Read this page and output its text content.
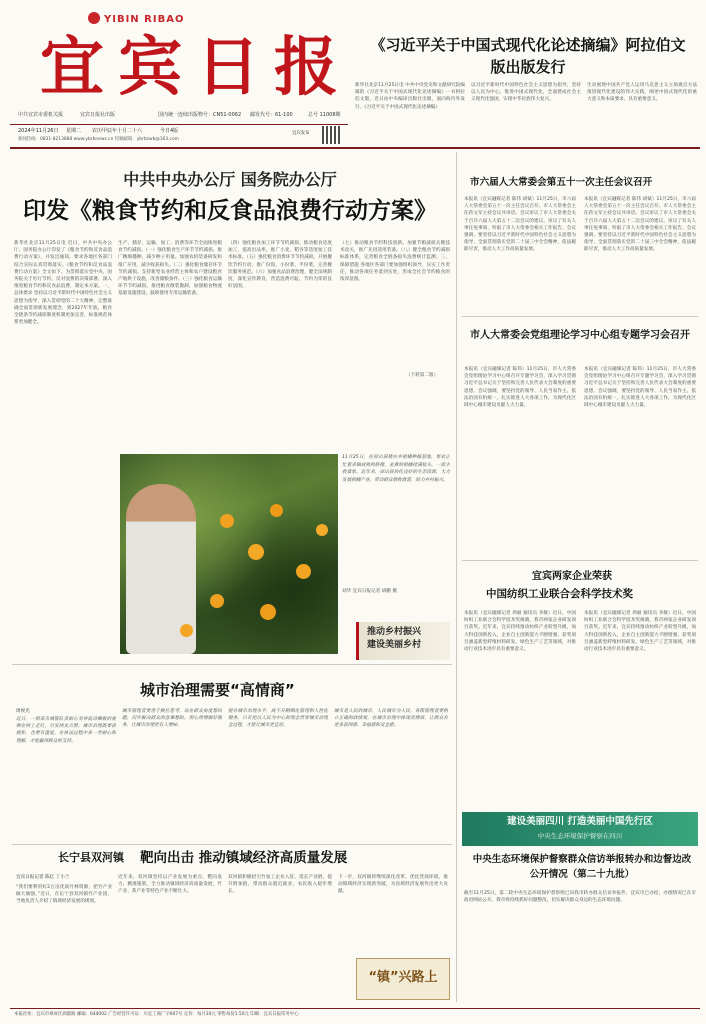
YIBIN RIBAO
宜宾日报
中共宜宾市委机关报	宜宾日报社出版	国内统一连续出版物号：CN51-0062 邮发代号：61-100	总号 11008期
2024年11月26日 星期二 农历甲辰年十月二十六	今日4版
新闻热线：0831-8213888 www.ybrbnews.cn 投稿邮箱：ybrbzwb@163.com
宜宾发布
《习近平关于中国式现代化论述摘编》阿拉伯文版出版发行
新华社北京11月25日电 中共中央党史和文献研究院编辑的《习近平关于中国式现代化论述摘编》一书阿拉伯文版，近日由中央编译出版社出版，面向海内外发行。《习近平关于中国式现代化论述摘编》
以习近平新时代中国特色社会主义思想为指导，坚持以人民为中心，推进中国式现代化，全面建成社会主义现代化强国，实现中华民族伟大复兴。
生动展现中国共产党人运用马克思主义立场观点方法推进现代化建设的伟大实践，阐述中国式现代化的重大意义和本质要求，具有重要意义。
中共中央办公厅 国务院办公厅
印发《粮食节约和反食品浪费行动方案》
新华社北京11月25日电 近日，中共中央办公厅、国务院办公厅印发了《粮食节约和反食品浪费行动方案》，并发出通知，要求各地区各部门结合实际认真贯彻落实。《粮食节约和反食品浪费行动方案》全文如下。为贯彻落实党中央、国务院关于厉行节约、反对浪费的决策部署，深入推进粮食节约和反食品浪费，制定本方案。一、总体要求 坚持以习近平新时代中国特色社会主义思想为指导，深入贯彻党的二十大精神，完整准确全面贯彻新发展理念，到2027年年底，粮食全链条节约减损制度机制更加完善，标准规范体系更加健全。
生产、储存、运输、加工、消费等环节全面推进粮食节约减损。（一）强化粮食生产环节节约减损。推广精细播种，减少种子用量。加强农机装备研发和推广应用，减少收获损失。（二）强化粮食储存环节节约减损。支持新型农业经营主体和农户建设粮食产地烘干设施，改善储粮条件。（三）强化粮食运输环节节约减损。推进粮食散装散卸，加强粮食物流基础设施建设，鼓励使用专用运输装备。
（四）强化粮食加工环节节约减损。推动粮食适度加工，提高出品率，推广小麦、稻谷等适度加工技术标准。（五）强化粮食消费环节节约减损。开展餐饮节约行动，推广份饭、小份菜、半份菜，完善餐饮服务规范。（六）加强食品浪费治理，健全法规制度，深化宣传教育，营造浪费可耻、节约为荣的良好氛围。
（七）推动粮食节约科技创新。加强节粮减损关键技术攻关，推广先进适用装备。（八）健全粮食节约减损标准体系，完善粮食全链条损失浪费统计监测。三、保障措施 各地区各部门要加强组织领导，压实工作责任，推动各项任务落到实处，形成全社会节约粮食的浓厚氛围。
（下转第二版）
11月25日，在屏山县楼东乡柑橘种植基地，果农正忙着采摘成熟的脐橙，金黄的柑橘挂满枝头，一派丰收景象。近年来，屏山县依托良好的生态资源，大力发展柑橘产业，带动群众增收致富，助力乡村振兴。
刘华 宜宾日报记者 胡鹏 摄
推动乡村振兴
建设美丽乡村
城市治理需要“高情商”
周侯光
近日，一则某市城管队员耐心劝导流动摊贩的视频在网上走红，引发网友点赞。城市治理既要讲规矩，也要有温度。在执法过程中多一些耐心和理解，才能赢得群众的支持。
城市管理者要善于换位思考，站在群众角度想问题，切实解决群众的急难愁盼。用心用情做好服务，让城市治理更有人情味。
提升城市治理水平，离不开精细化管理和人性化服务。只有把以人民为中心的理念贯穿城市治理全过程，才能让城市更宜居。
城市是人民的城市，人民城市为人民。各级管理者要树立正确的政绩观，在城市治理中体现高情商，让群众有更多获得感、幸福感和安全感。
长宁县双河镇 靶向出击 推动镇域经济高质量发展
宜宾日报记者 陈亿 丁小兰
“我们要利用好2万亩优质竹林资源，把竹产业做大做强。”近日，在长宁县双河镇竹产业园，当地负责人介绍了镇域经济发展的规划。
近年来，双河镇坚持以产业发展为重点，靶向发力、精准施策，全力推动镇域经济高质量发展，竹产业、茶产业等特色产业不断壮大。
双河镇积极招引竹加工企业入驻，延长产业链，提升附加值，带动群众就近就业，农民收入稳步增长。
下一步，双河镇将继续深化改革，优化营商环境，推动镇域经济实现新突破，为县域经济发展作出更大贡献。
“镇”兴路上
市六届人大常委会第五十一次主任会议召开
本报讯（宜宾融媒记者 陈伟 胡斌）11月25日，市六届人大常委会第五十一次主任会议召开。市人大常委会主任蒋文军主持会议并讲话。会议审议了市人大常委会关于召开六届人大第五十二次会议的建议，审议了有关人事任免事项，听取了市人大常委会相关工作报告。会议强调，要坚持以习近平新时代中国特色社会主义思想为指导，全面贯彻落实党的二十届三中全会精神，依法履职尽责，推动人大工作高质量发展。
本报讯（宜宾融媒记者 陈伟 胡斌）11月25日，市六届人大常委会第五十一次主任会议召开。市人大常委会主任蒋文军主持会议并讲话。会议审议了市人大常委会关于召开六届人大第五十二次会议的建议，审议了有关人事任免事项，听取了市人大常委会相关工作报告。会议强调，要坚持以习近平新时代中国特色社会主义思想为指导，全面贯彻落实党的二十届三中全会精神，依法履职尽责，推动人大工作高质量发展。
市人大常委会党组理论学习中心组专题学习会召开
本报讯（宜宾融媒记者 陈伟）11月25日，市人大常委会党组理论学习中心组召开专题学习会，深入学习贯彻习近平总书记关于坚持和完善人民代表大会制度的重要思想。会议强调，要坚持党的领导、人民当家作主、依法治国有机统一，扎实推进人大各项工作，为现代化区域中心城市建设贡献人大力量。
本报讯（宜宾融媒记者 陈伟）11月25日，市人大常委会党组理论学习中心组召开专题学习会，深入学习贯彻习近平总书记关于坚持和完善人民代表大会制度的重要思想。会议强调，要坚持党的领导、人民当家作主、依法治国有机统一，扎实推进人大各项工作，为现代化区域中心城市建设贡献人大力量。
宜宾两家企业荣获
中国纺织工业联合会科学技术奖
本报讯（宜宾融媒记者 周丽 通讯员 李敏）近日，中国纺织工业联合会科学技术奖揭晓，我市两家企业研发项目获奖。近年来，宜宾持续推动纺织产业转型升级，加大科技创新投入，企业自主创新能力不断增强。获奖项目涵盖新型纤维材料研发、绿色生产工艺等领域，对推动行业技术进步具有重要意义。
本报讯（宜宾融媒记者 周丽 通讯员 李敏）近日，中国纺织工业联合会科学技术奖揭晓，我市两家企业研发项目获奖。近年来，宜宾持续推动纺织产业转型升级，加大科技创新投入，企业自主创新能力不断增强。获奖项目涵盖新型纤维材料研发、绿色生产工艺等领域，对推动行业技术进步具有重要意义。
建设美丽四川 打造美丽中国先行区
中央生态环境保护督察在四川
中央生态环境保护督察群众信访举报转办和边督边改公开情况（第二十九批）
截至11月25日，第二轮中央生态环境保护督察组已向我市转办群众信访举报件，宜宾市已办结，办理情况已在市政府网站公开。我市将持续抓好问题整改，切实解决群众身边的生态环境问题。
本报社址：宜宾市翠屏区酒都路 邮编：644002 广告经营许可证：川宜工商广字007号 定价：每月30元 零售每份1.50元 印刷：宜宾日报印务中心
